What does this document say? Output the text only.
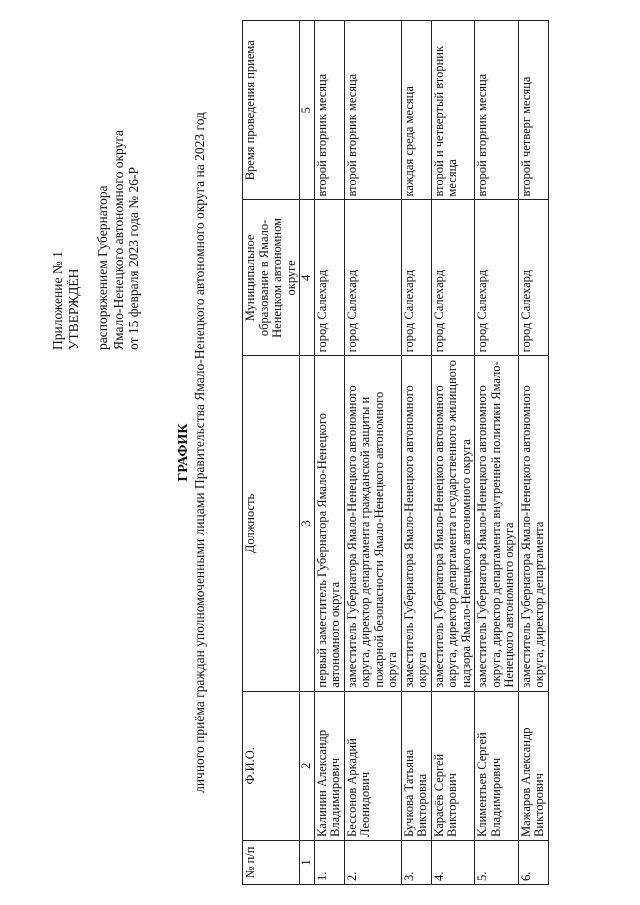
Приложение № 1 УТВЕРЖДЁН распоряжением Губернатора Ямало-Ненецкого автономного округа от 15 февраля 2023 года № 26-Р
ГРАФИК личного приёма граждан уполномоченными лицами Правительства Ямало-Ненецкого автономного округа на 2023 год
№ п/п	Ф.И.О.	Должность	Муниципальное образование в Ямало-Ненецком автономном округе	Время проведения приема
1	2	3	4	5
1.	Калинин Александр Владимирович	первый заместитель Губернатора Ямало-Ненецкого автономного округа	город Салехард	второй вторник месяца
2.	Бессонов Аркадий Леонидович	заместитель Губернатора Ямало-Ненецкого автономного округа, директор департамента гражданской защиты и пожарной безопасности Ямало-Ненецкого автономного округа	город Салехард	второй вторник месяца
3.	Бучкова Татьяна Викторовна	заместитель Губернатора Ямало-Ненецкого автономного округа	город Салехард	каждая среда месяца
4.	Карасёв Сергей Викторович	заместитель Губернатора Ямало-Ненецкого автономного округа, директор департамента государственного жилищного надзора Ямало-Ненецкого автономного округа	город Салехард	второй и четвертый вторник месяца
5.	Климентьев Сергей Владимирович	заместитель Губернатора Ямало-Ненецкого автономного округа, директор департамента внутренней политики Ямало-Ненецкого автономного округа	город Салехард	второй вторник месяца
6.	Мажаров Александр Викторович	заместитель Губернатора Ямало-Ненецкого автономного округа, директор департамента	город Салехард	второй четверг месяца
